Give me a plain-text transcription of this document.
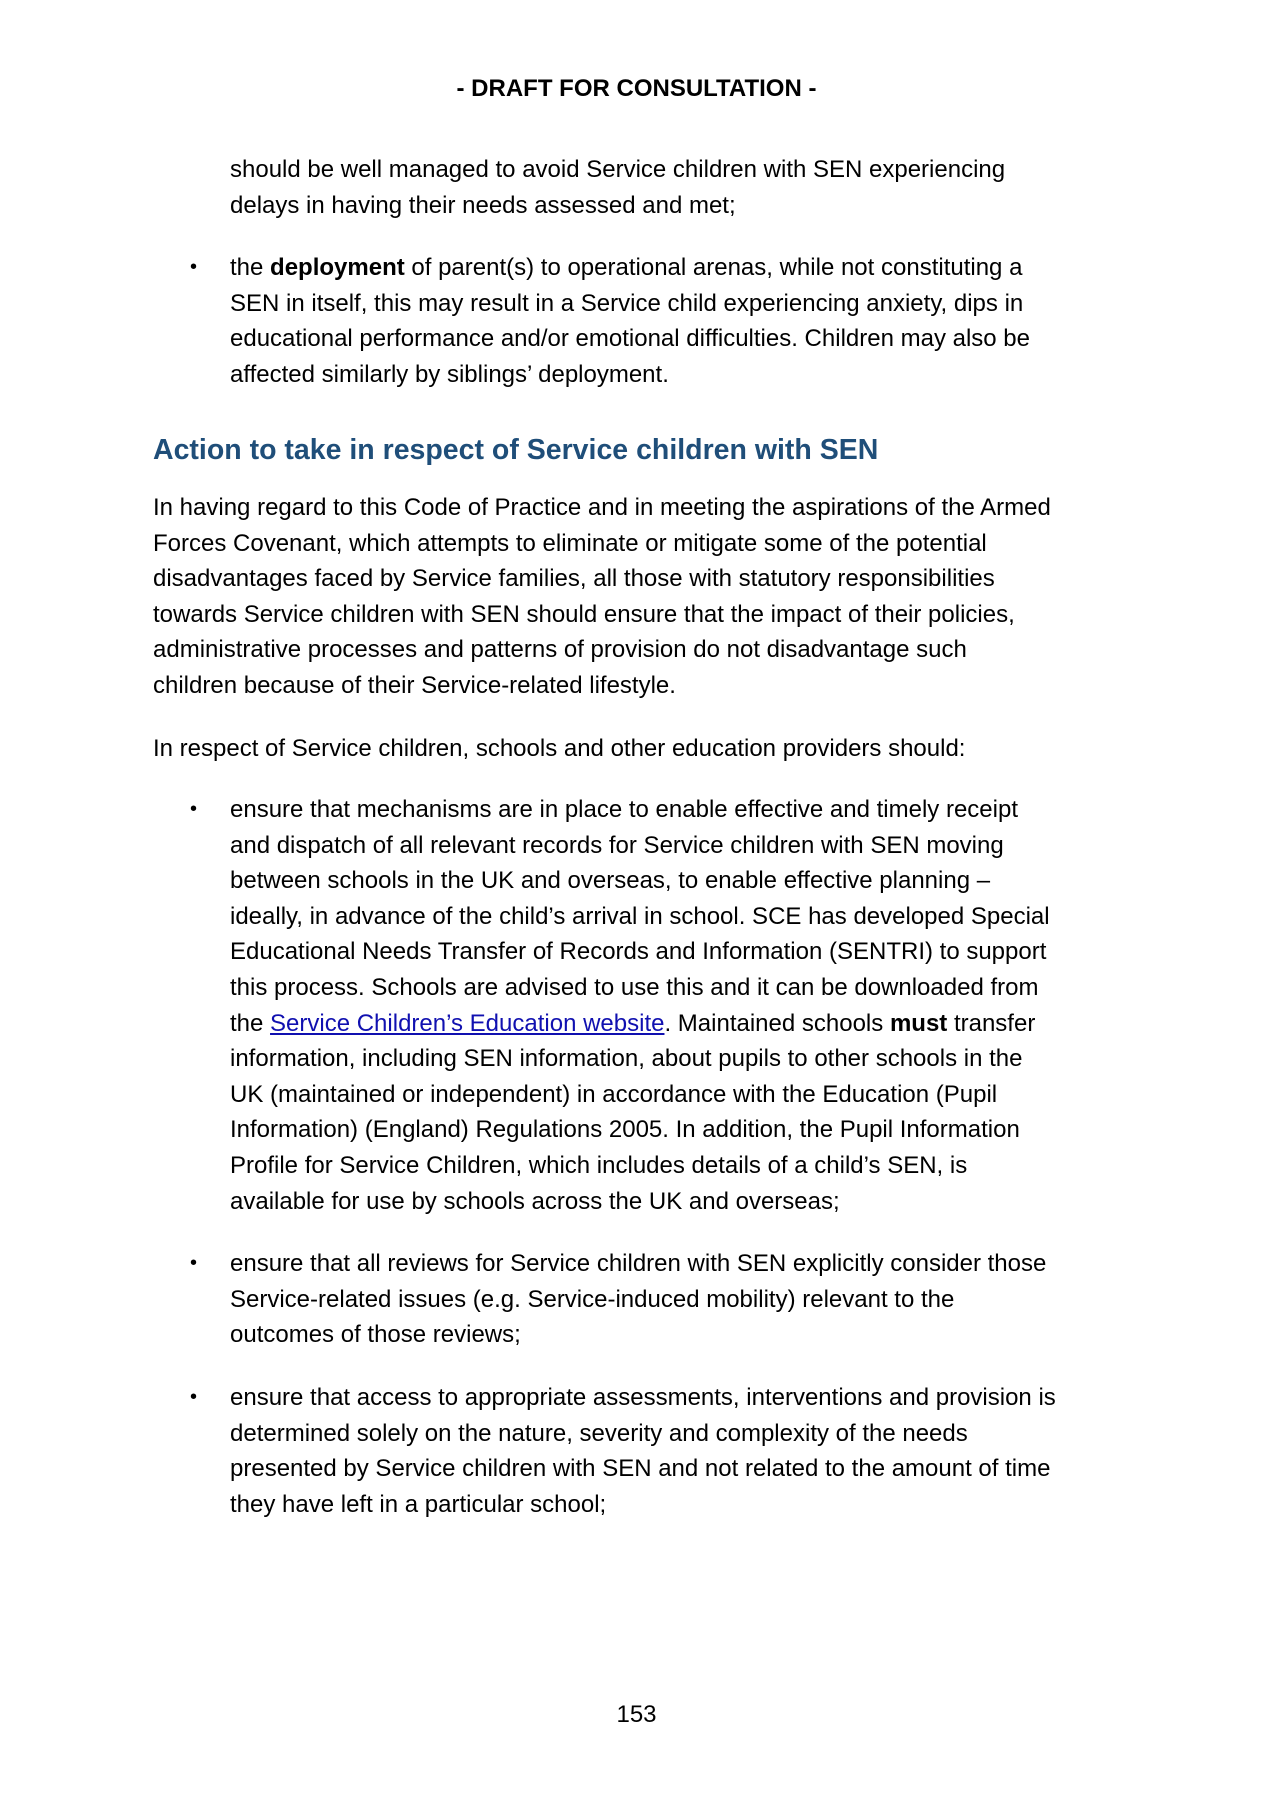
- DRAFT FOR CONSULTATION -
should be well managed to avoid Service children with SEN experiencing
delays in having their needs assessed and met;
• the deployment of parent(s) to operational arenas, while not constituting a
SEN in itself, this may result in a Service child experiencing anxiety, dips in
educational performance and/or emotional difficulties. Children may also be
affected similarly by siblings’ deployment.
Action to take in respect of Service children with SEN
In having regard to this Code of Practice and in meeting the aspirations of the Armed
Forces Covenant, which attempts to eliminate or mitigate some of the potential
disadvantages faced by Service families, all those with statutory responsibilities
towards Service children with SEN should ensure that the impact of their policies,
administrative processes and patterns of provision do not disadvantage such
children because of their Service-related lifestyle.
In respect of Service children, schools and other education providers should:
• ensure that mechanisms are in place to enable effective and timely receipt
and dispatch of all relevant records for Service children with SEN moving
between schools in the UK and overseas, to enable effective planning –
ideally, in advance of the child’s arrival in school. SCE has developed Special
Educational Needs Transfer of Records and Information (SENTRI) to support
this process. Schools are advised to use this and it can be downloaded from
the Service Children’s Education website. Maintained schools must transfer
information, including SEN information, about pupils to other schools in the
UK (maintained or independent) in accordance with the Education (Pupil
Information) (England) Regulations 2005. In addition, the Pupil Information
Profile for Service Children, which includes details of a child’s SEN, is
available for use by schools across the UK and overseas;
• ensure that all reviews for Service children with SEN explicitly consider those
Service-related issues (e.g. Service-induced mobility) relevant to the
outcomes of those reviews;
• ensure that access to appropriate assessments, interventions and provision is
determined solely on the nature, severity and complexity of the needs
presented by Service children with SEN and not related to the amount of time
they have left in a particular school;
153
